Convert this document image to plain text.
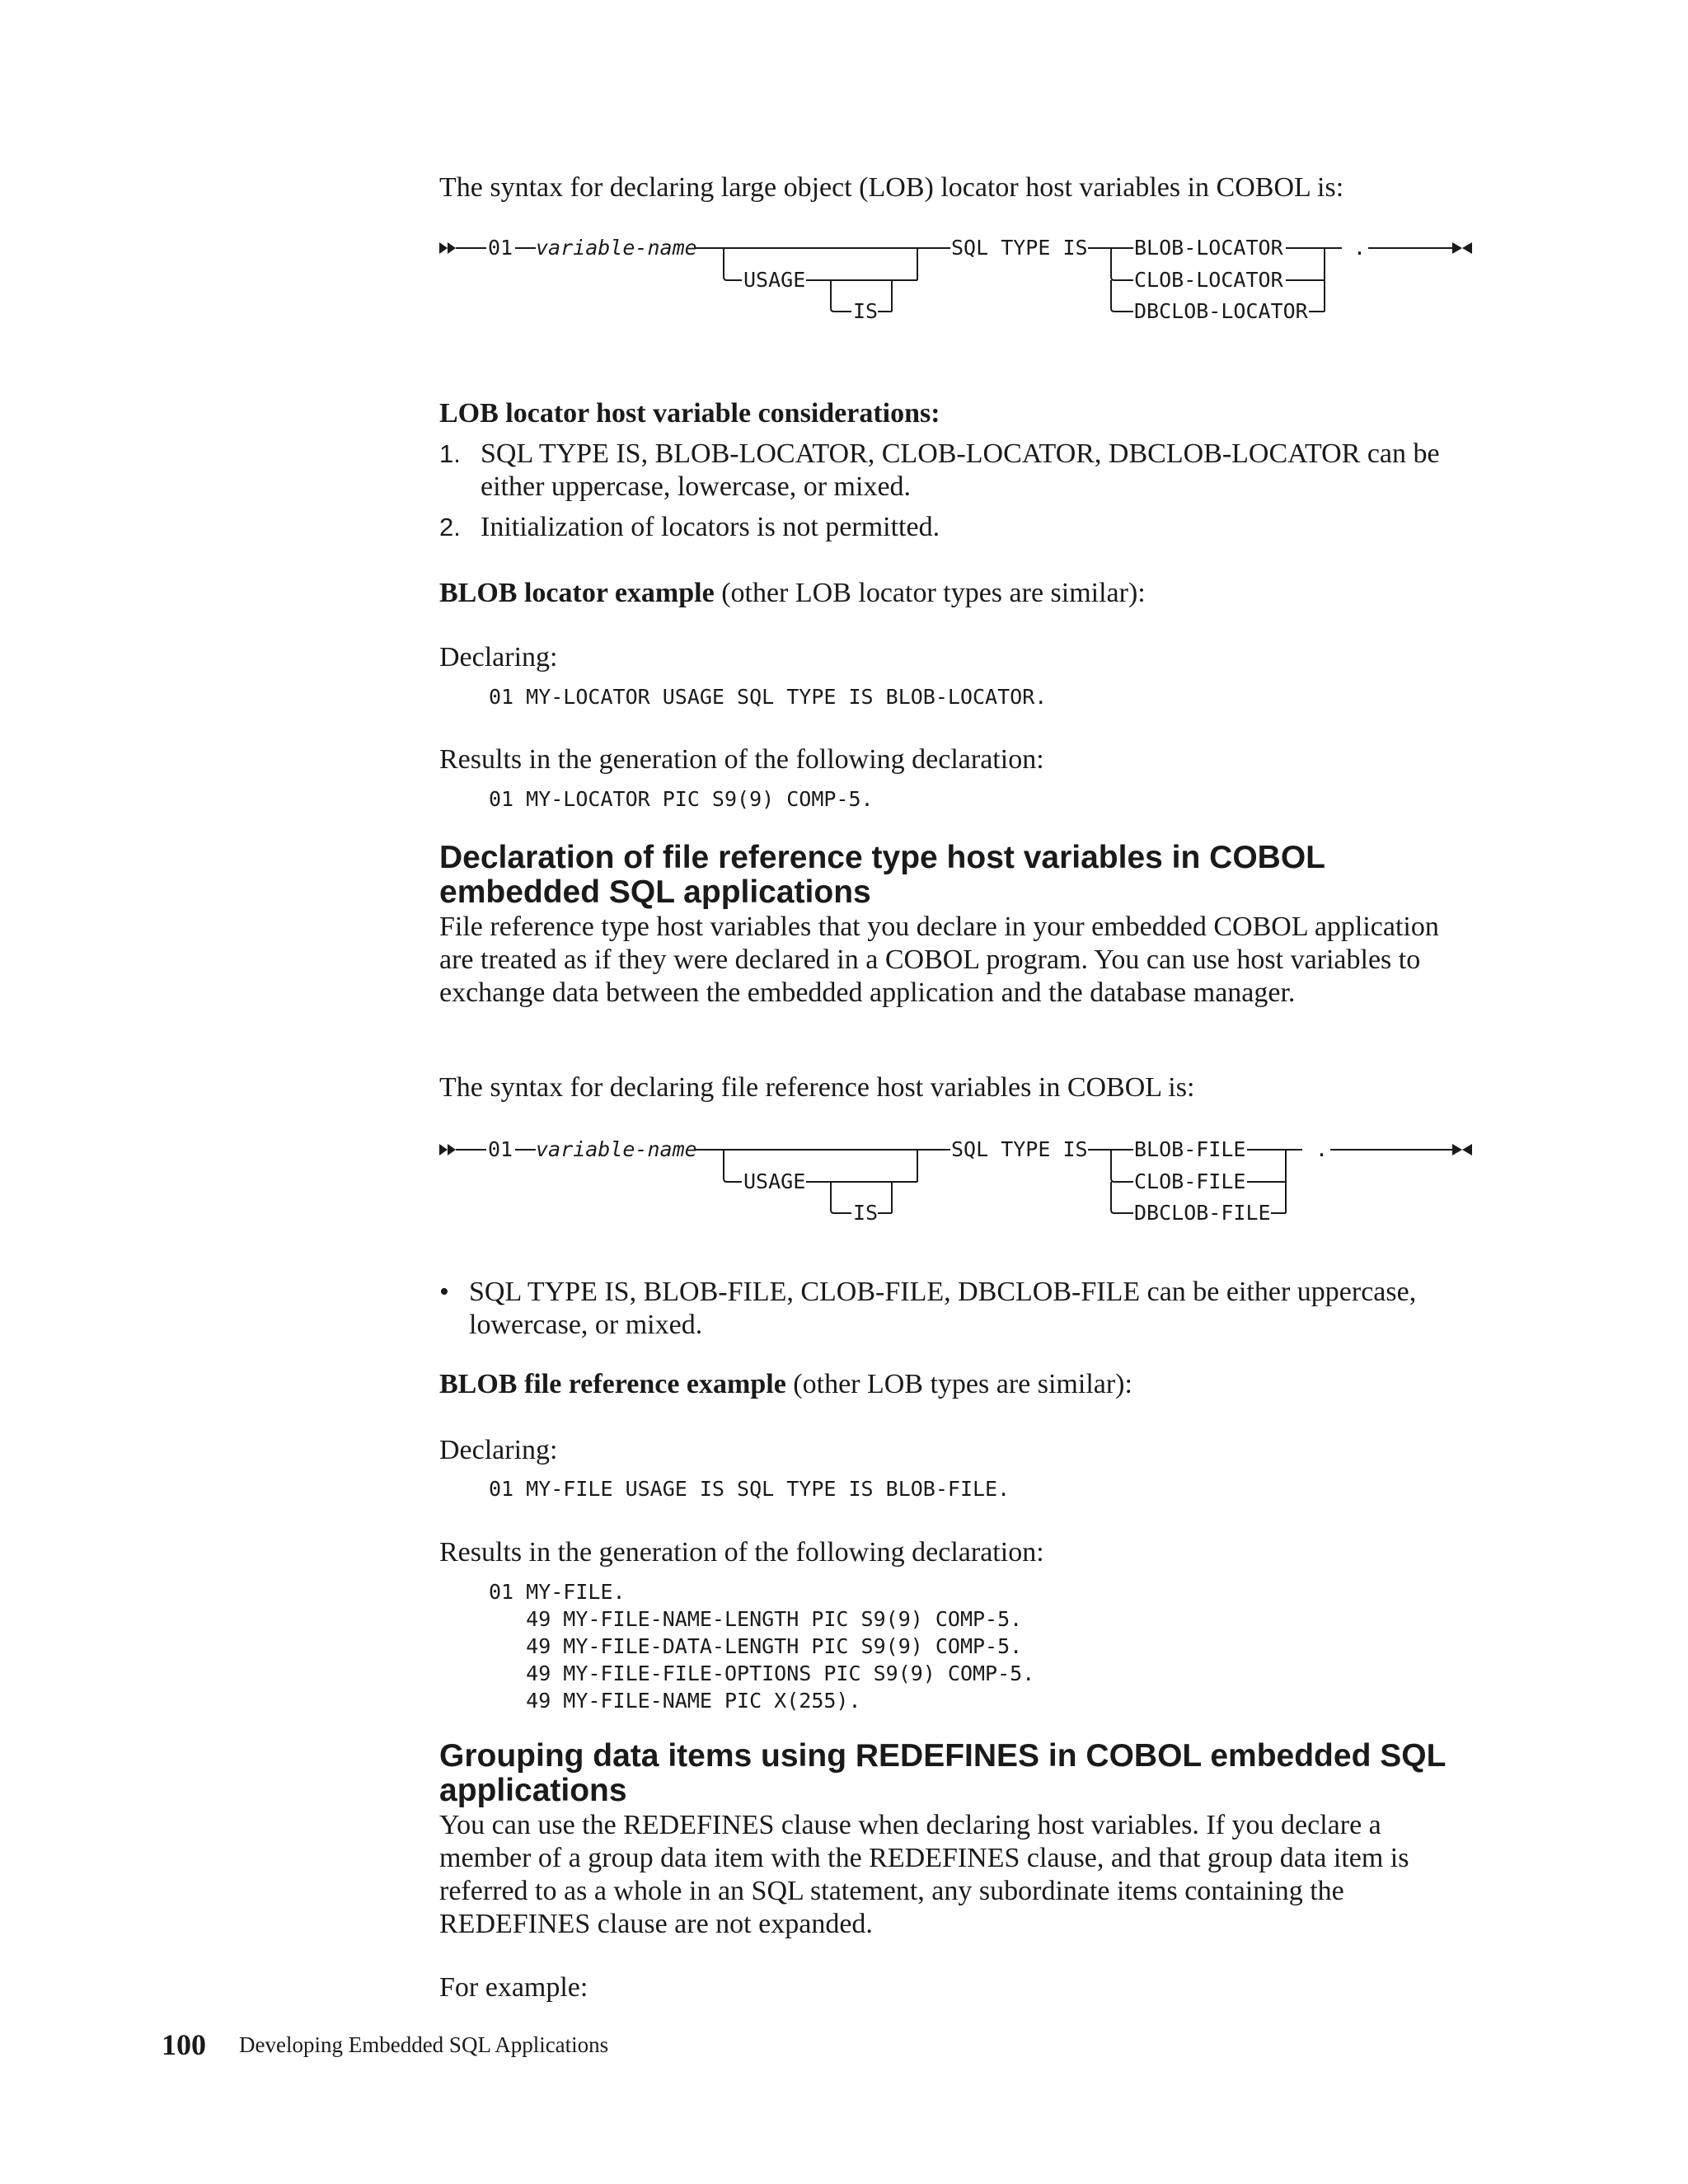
The syntax for declaring large object (LOB) locator host variables in COBOL is:

01 variable-name
USAGE
IS
SQL TYPE IS BLOB-LOCATOR
CLOB-LOCATOR
DBCLOB-LOCATOR
.

LOB locator host variable considerations:

1. SQL TYPE IS, BLOB-LOCATOR, CLOB-LOCATOR, DBCLOB-LOCATOR can be either uppercase, lowercase, or mixed.
2. Initialization of locators is not permitted.

BLOB locator example (other LOB locator types are similar):

Declaring:

01 MY-LOCATOR USAGE SQL TYPE IS BLOB-LOCATOR.

Results in the generation of the following declaration:

01 MY-LOCATOR PIC S9(9) COMP-5.
Declaration of file reference type host variables in COBOL embedded SQL applications

File reference type host variables that you declare in your embedded COBOL application are treated as if they were declared in a COBOL program. You can use host variables to exchange data between the embedded application and the database manager.

The syntax for declaring file reference host variables in COBOL is:

01 variable-name
USAGE
IS
SQL TYPE IS BLOB-FILE
CLOB-FILE
DBCLOB-FILE
.
• SQL TYPE IS, BLOB-FILE, CLOB-FILE, DBCLOB-FILE can be either uppercase, lowercase, or mixed.

BLOB file reference example (other LOB types are similar):

Declaring:

01 MY-FILE USAGE IS SQL TYPE IS BLOB-FILE.

Results in the generation of the following declaration:

01 MY-FILE.
49 MY-FILE-NAME-LENGTH PIC S9(9) COMP-5.
49 MY-FILE-DATA-LENGTH PIC S9(9) COMP-5.
49 MY-FILE-FILE-OPTIONS PIC S9(9) COMP-5.
49 MY-FILE-NAME PIC X(255).
Grouping data items using REDEFINES in COBOL embedded SQL applications

You can use the REDEFINES clause when declaring host variables. If you declare a member of a group data item with the REDEFINES clause, and that group data item is referred to as a whole in an SQL statement, any subordinate items containing the REDEFINES clause are not expanded.

For example:

100 Developing Embedded SQL Applications
